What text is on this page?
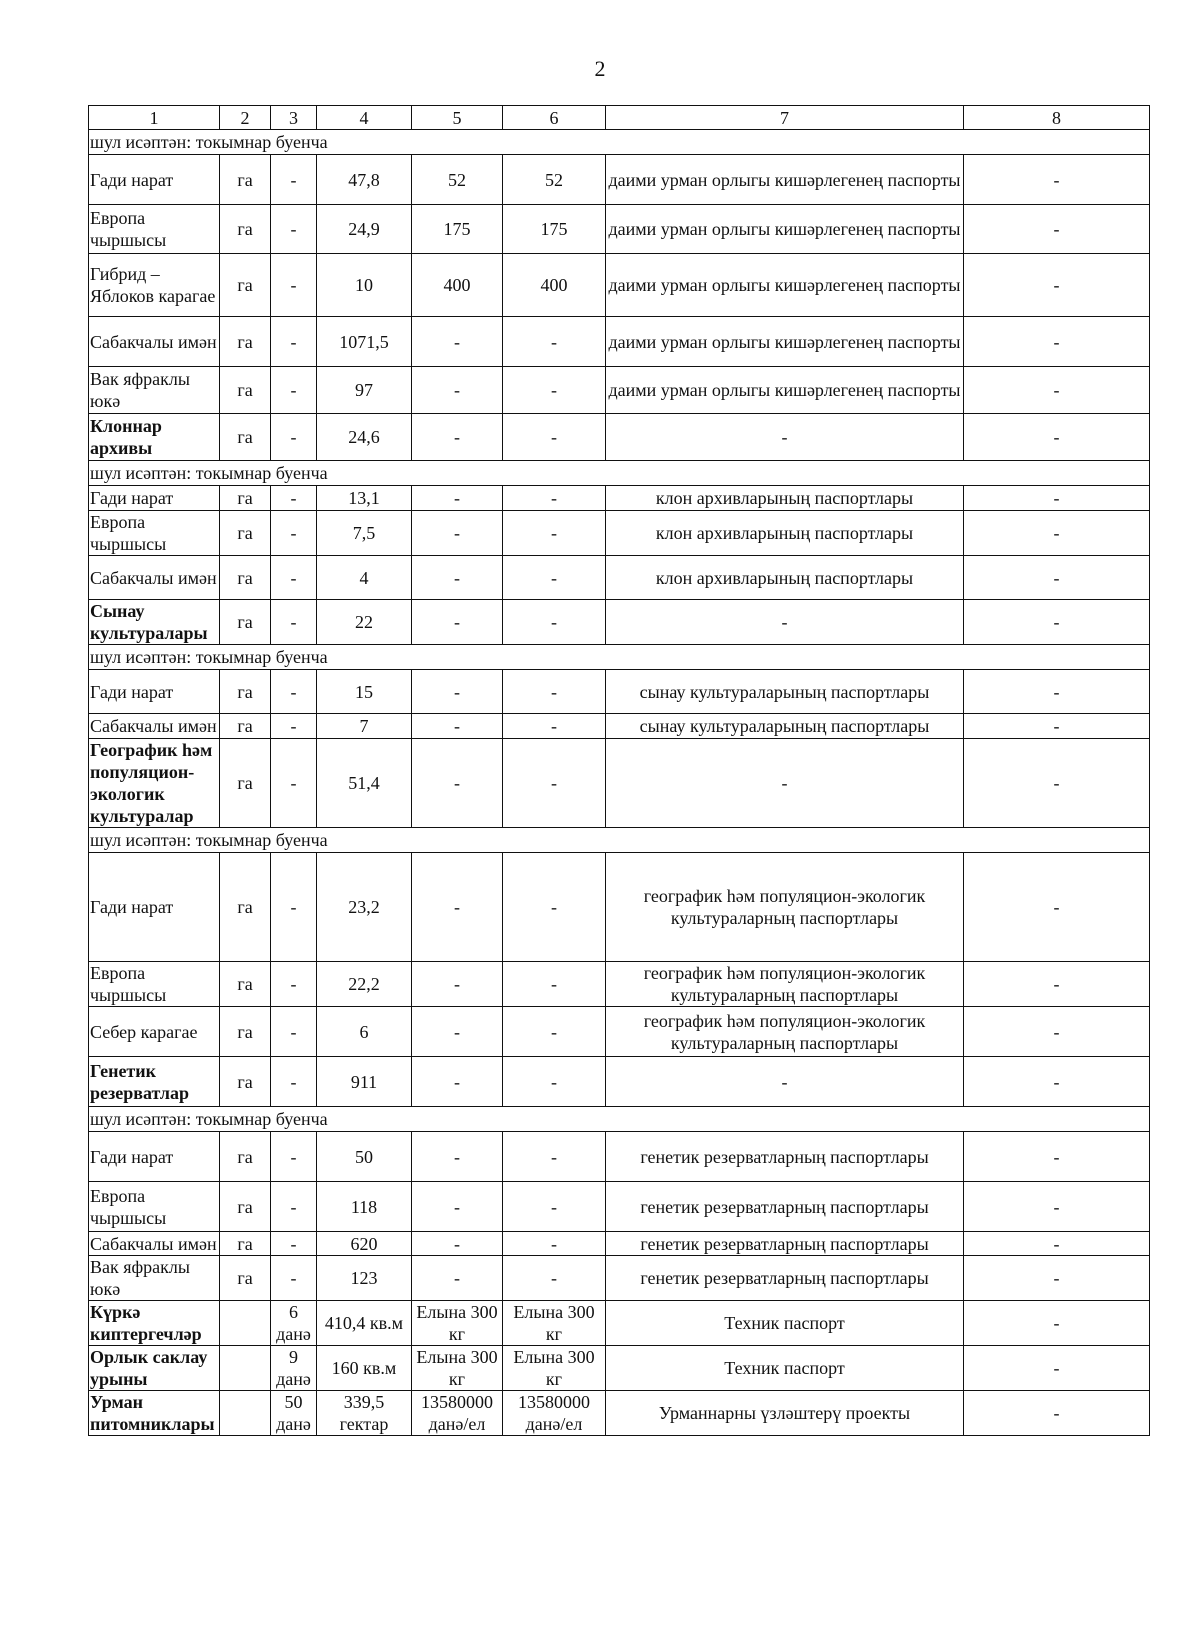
2
1	2	3	4	5	6	7	8
шул исәптән: токымнар буенча							
Гади нарат	га	-	47,8	52	52	даими урман орлыгы кишәрлегенең паспорты	-
Европа чыршысы	га	-	24,9	175	175	даими урман орлыгы кишәрлегенең паспорты	-
Гибрид – Яблоков карагае	га	-	10	400	400	даими урман орлыгы кишәрлегенең паспорты	-
Сабакчалы имән	га	-	1071,5	-	-	даими урман орлыгы кишәрлегенең паспорты	-
Вак яфраклы юкә	га	-	97	-	-	даими урман орлыгы кишәрлегенең паспорты	-
Клоннар архивы	га	-	24,6	-	-	-	-
шул исәптән: токымнар буенча							
Гади нарат	га	-	13,1	-	-	клон архивларының паспортлары	-
Европа чыршысы	га	-	7,5	-	-	клон архивларының паспортлары	-
Сабакчалы имән	га	-	4	-	-	клон архивларының паспортлары	-
Сынау культуралары	га	-	22	-	-	-	-
шул исәптән: токымнар буенча							
Гади нарат	га	-	15	-	-	сынау культураларының паспортлары	-
Сабакчалы имән	га	-	7	-	-	сынау культураларының паспортлары	-
Географик һәм популяцион-экологик культуралар	га	-	51,4	-	-	-	-
шул исәптән: токымнар буенча							
Гади нарат	га	-	23,2	-	-	географик һәм популяцион-экологик культураларның паспортлары	-
Европа чыршысы	га	-	22,2	-	-	географик һәм популяцион-экологик культураларның паспортлары	-
Себер карагае	га	-	6	-	-	географик һәм популяцион-экологик культураларның паспортлары	-
Генетик резерватлар	га	-	911	-	-	-	-
шул исәптән: токымнар буенча							
Гади нарат	га	-	50	-	-	генетик резерватларның паспортлары	-
Европа чыршысы	га	-	118	-	-	генетик резерватларның паспортлары	-
Сабакчалы имән	га	-	620	-	-	генетик резерватларның паспортлары	-
Вак яфраклы юкә	га	-	123	-	-	генетик резерватларның паспортлары	-
Күркә киптергечләр		6 данә	410,4 кв.м	Елына 300 кг	Елына 300 кг	Техник паспорт	-
Орлык саклау урыны		9 данә	160 кв.м	Елына 300 кг	Елына 300 кг	Техник паспорт	-
Урман питомниклары		50 данә	339,5 гектар	13580000 данә/ел	13580000 данә/ел	Урманнарны үзләштерү проекты	-
